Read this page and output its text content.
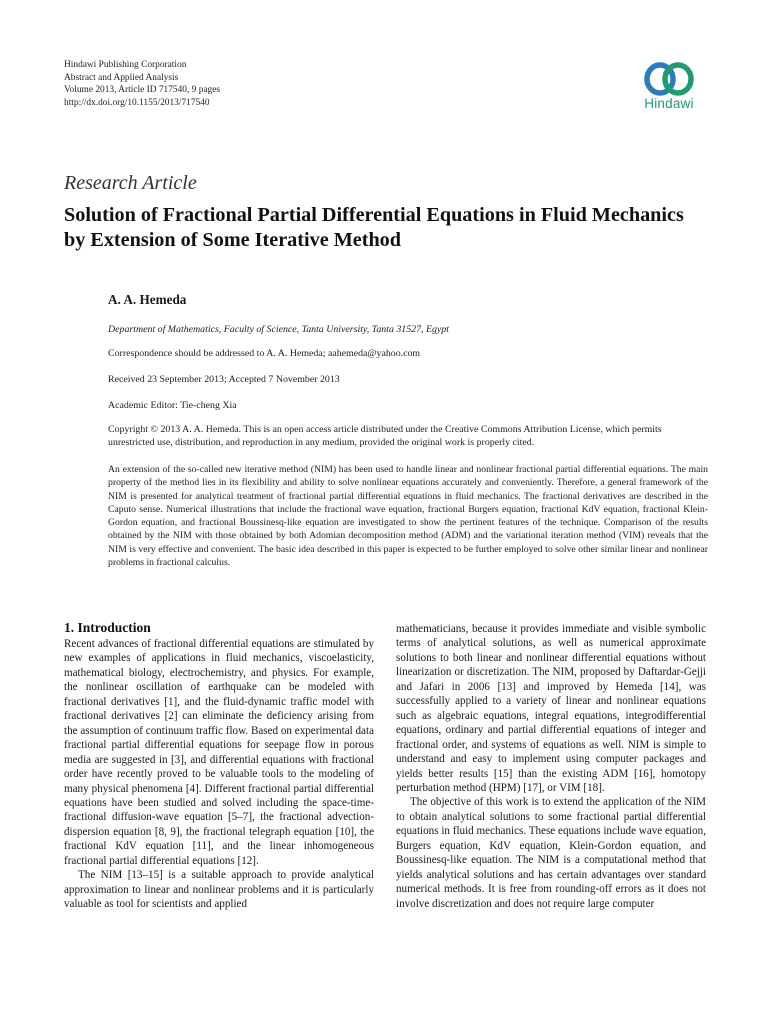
Hindawi Publishing Corporation
Abstract and Applied Analysis
Volume 2013, Article ID 717540, 9 pages
http://dx.doi.org/10.1155/2013/717540	Hindawi
Research Article
Solution of Fractional Partial Differential Equations in Fluid Mechanics by Extension of Some Iterative Method
A. A. Hemeda
Department of Mathematics, Faculty of Science, Tanta University, Tanta 31527, Egypt
Correspondence should be addressed to A. A. Hemeda; aahemeda@yahoo.com
Received 23 September 2013; Accepted 7 November 2013
Academic Editor: Tie-cheng Xia
Copyright © 2013 A. A. Hemeda. This is an open access article distributed under the Creative Commons Attribution License, which permits unrestricted use, distribution, and reproduction in any medium, provided the original work is properly cited.
An extension of the so-called new iterative method (NIM) has been used to handle linear and nonlinear fractional partial differential equations. The main property of the method lies in its flexibility and ability to solve nonlinear equations accurately and conveniently. Therefore, a general framework of the NIM is presented for analytical treatment of fractional partial differential equations in fluid mechanics. The fractional derivatives are described in the Caputo sense. Numerical illustrations that include the fractional wave equation, fractional Burgers equation, fractional KdV equation, fractional Klein-Gordon equation, and fractional Boussinesq-like equation are investigated to show the pertinent features of the technique. Comparison of the results obtained by the NIM with those obtained by both Adomian decomposition method (ADM) and the variational iteration method (VIM) reveals that the NIM is very effective and convenient. The basic idea described in this paper is expected to be further employed to solve other similar linear and nonlinear problems in fractional calculus.
1. Introduction

Recent advances of fractional differential equations are stimulated by new examples of applications in fluid mechanics, viscoelasticity, mathematical biology, electrochemistry, and physics. For example, the nonlinear oscillation of earthquake can be modeled with fractional derivatives [1], and the fluid-dynamic traffic model with fractional derivatives [2] can eliminate the deficiency arising from the assumption of continuum traffic flow. Based on experimental data fractional partial differential equations for seepage flow in porous media are suggested in [3], and differential equations with fractional order have recently proved to be valuable tools to the modeling of many physical phenomena [4]. Different fractional partial differential equations have been studied and solved including the space-time-fractional diffusion-wave equation [5–7], the fractional advection-dispersion equation [8, 9], the fractional telegraph equation [10], the fractional KdV equation [11], and the linear inhomogeneous fractional partial differential equations [12].

The NIM [13–15] is a suitable approach to provide analytical approximation to linear and nonlinear problems and it is particularly valuable as tool for scientists and applied

mathematicians, because it provides immediate and visible symbolic terms of analytical solutions, as well as numerical approximate solutions to both linear and nonlinear differential equations without linearization or discretization. The NIM, proposed by Daftardar-Gejji and Jafari in 2006 [13] and improved by Hemeda [14], was successfully applied to a variety of linear and nonlinear equations such as algebraic equations, integral equations, integrodifferential equations, ordinary and partial differential equations of integer and fractional order, and systems of equations as well. NIM is simple to understand and easy to implement using computer packages and yields better results [15] than the existing ADM [16], homotopy perturbation method (HPM) [17], or VIM [18].

The objective of this work is to extend the application of the NIM to obtain analytical solutions to some fractional partial differential equations in fluid mechanics. These equations include wave equation, Burgers equation, KdV equation, Klein-Gordon equation, and Boussinesq-like equation. The NIM is a computational method that yields analytical solutions and has certain advantages over standard numerical methods. It is free from rounding-off errors as it does not involve discretization and does not require large computer
